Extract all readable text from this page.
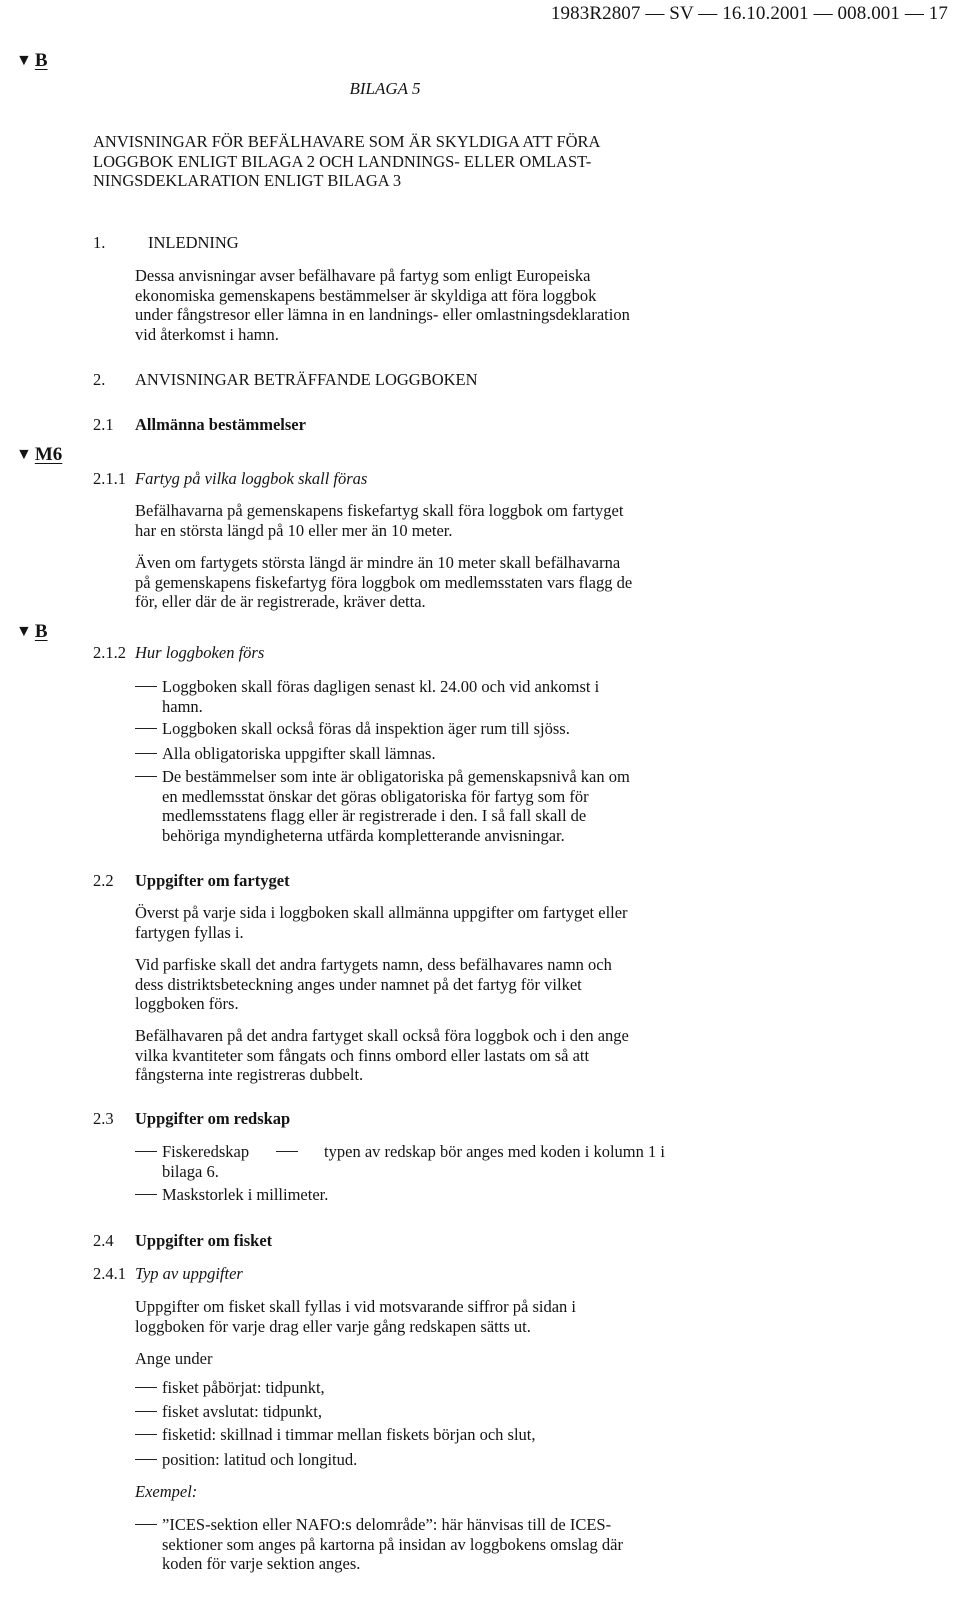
1983R2807 — SV — 16.10.2001 — 008.001 — 17
▼ B
▼ M6
▼ B
BILAGA 5
ANVISNINGAR FÖR BEFÄLHAVARE SOM ÄR SKYLDIGA ATT FÖRA
LOGGBOK ENLIGT BILAGA 2 OCH LANDNINGS- ELLER OMLAST-
NINGSDEKLARATION ENLIGT BILAGA 3
1.	INLEDNING
Dessa anvisningar avser befälhavare på fartyg som enligt Europeiska
ekonomiska gemenskapens bestämmelser är skyldiga att föra loggbok
under fångstresor eller lämna in en landnings- eller omlastningsdeklaration
vid återkomst i hamn.
2. ANVISNINGAR BETRÄFFANDE LOGGBOKEN
2.1 Allmänna bestämmelser
2.1.1 Fartyg på vilka loggbok skall föras
Befälhavarna på gemenskapens fiskefartyg skall föra loggbok om fartyget
har en största längd på 10 eller mer än 10 meter.
Även om fartygets största längd är mindre än 10 meter skall befälhavarna
på gemenskapens fiskefartyg föra loggbok om medlemsstaten vars flagg de
för, eller där de är registrerade, kräver detta.
2.1.2 Hur loggboken förs
Loggboken skall föras dagligen senast kl. 24.00 och vid ankomst i
hamn.
Loggboken skall också föras då inspektion äger rum till sjöss.
Alla obligatoriska uppgifter skall lämnas.
De bestämmelser som inte är obligatoriska på gemenskapsnivå kan om
en medlemsstat önskar det göras obligatoriska för fartyg som för
medlemsstatens flagg eller är registrerade i den. I så fall skall de
behöriga myndigheterna utfärda kompletterande anvisningar.
2.2 Uppgifter om fartyget
Överst på varje sida i loggboken skall allmänna uppgifter om fartyget eller
fartygen fyllas i.
Vid parfiske skall det andra fartygets namn, dess befälhavares namn och
dess distriktsbeteckning anges under namnet på det fartyg för vilket
loggboken förs.
Befälhavaren på det andra fartyget skall också föra loggbok och i den ange
vilka kvantiteter som fångats och finns ombord eller lastats om så att
fångsterna inte registreras dubbelt.
2.3 Uppgifter om redskap
Fiskeredskap	typen av redskap bör anges med koden i kolumn 1 i
bilaga 6.
Maskstorlek i millimeter.
2.4 Uppgifter om fisket
2.4.1 Typ av uppgifter
Uppgifter om fisket skall fyllas i vid motsvarande siffror på sidan i
loggboken för varje drag eller varje gång redskapen sätts ut.
Ange under
fisket påbörjat: tidpunkt,
fisket avslutat: tidpunkt,
fisketid: skillnad i timmar mellan fiskets början och slut,
position: latitud och longitud.
Exempel:
”ICES-sektion eller NAFO:s delområde”: här hänvisas till de ICES-
sektioner som anges på kartorna på insidan av loggbokens omslag där
koden för varje sektion anges.
